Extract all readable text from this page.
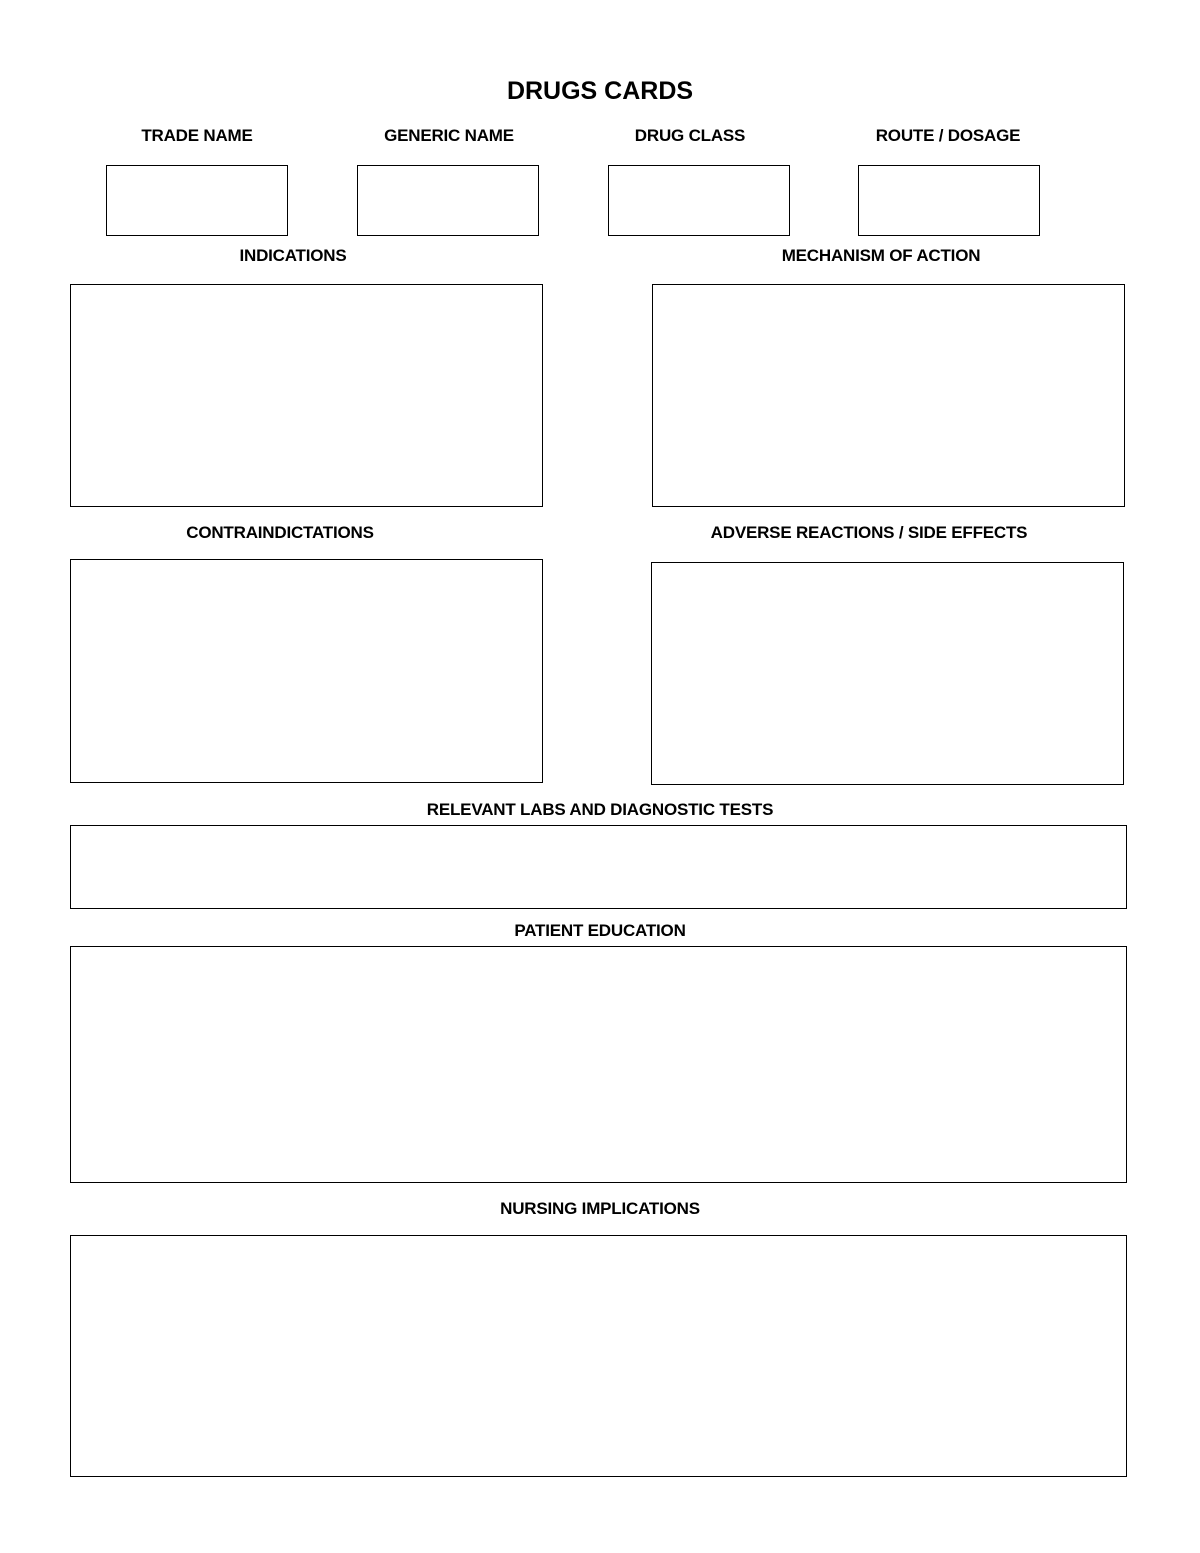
DRUGS CARDS
TRADE NAME	GENERIC NAME	DRUG CLASS	ROUTE / DOSAGE
INDICATIONS	MECHANISM OF ACTION
CONTRAINDICTATIONS	ADVERSE REACTIONS / SIDE EFFECTS
RELEVANT LABS AND DIAGNOSTIC TESTS
PATIENT EDUCATION
NURSING IMPLICATIONS
